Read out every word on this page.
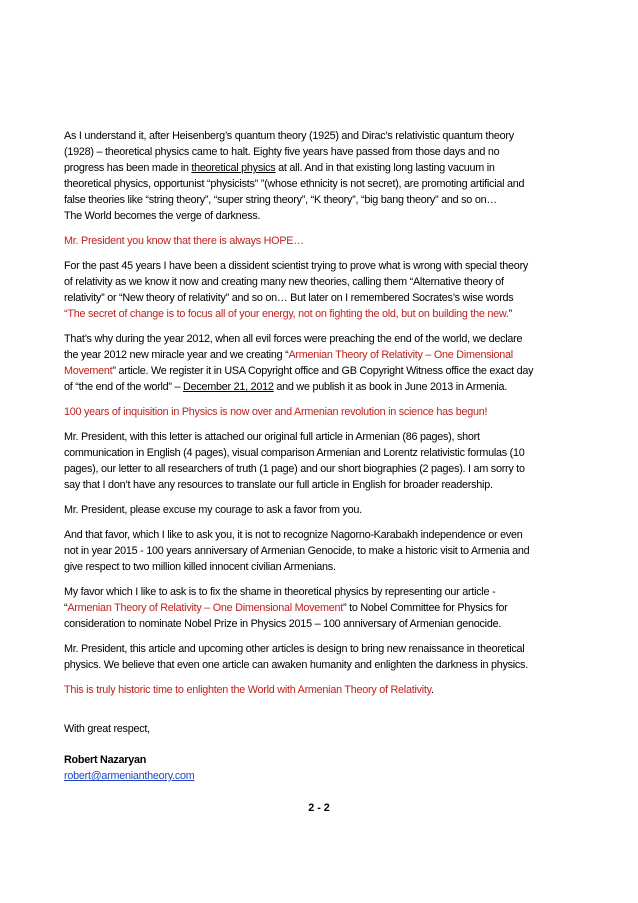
As I understand it, after Heisenberg’s quantum theory (1925) and Dirac’s relativistic quantum theory
(1928) – theoretical physics came to halt. Eighty five years have passed from those days and no
progress has been made in theoretical physics at all. And in that existing long lasting vacuum in
theoretical physics, opportunist “physicists” ”(whose ethnicity is not secret), are promoting artificial and
false theories like “string theory”, “super string theory”, “K theory”, “big bang theory” and so on…
The World becomes the verge of darkness.

Mr. President you know that there is always HOPE…

For the past 45 years I have been a dissident scientist trying to prove what is wrong with special theory
of relativity as we know it now and creating many new theories, calling them “Alternative theory of
relativity” or “New theory of relativity” and so on… But later on I remembered Socrates’s wise words
“The secret of change is to focus all of your energy, not on fighting the old, but on building the new.”

That’s why during the year 2012, when all evil forces were preaching the end of the world, we declare
the year 2012 new miracle year and we creating “Armenian Theory of Relativity – One Dimensional
Movement” article. We register it in USA Copyright office and GB Copyright Witness office the exact day
of “the end of the world” – December 21, 2012 and we publish it as book in June 2013 in Armenia.

100 years of inquisition in Physics is now over and Armenian revolution in science has begun!

Mr. President, with this letter is attached our original full article in Armenian (86 pages), short
communication in English (4 pages), visual comparison Armenian and Lorentz relativistic formulas (10
pages), our letter to all researchers of truth (1 page) and our short biographies (2 pages). I am sorry to
say that I don’t have any resources to translate our full article in English for broader readership.

Mr. President, please excuse my courage to ask a favor from you.

And that favor, which I like to ask you, it is not to recognize Nagorno-Karabakh independence or even
not in year 2015 - 100 years anniversary of Armenian Genocide, to make a historic visit to Armenia and
give respect to two million killed innocent civilian Armenians.

My favor which I like to ask is to fix the shame in theoretical physics by representing our article -
“Armenian Theory of Relativity – One Dimensional Movement” to Nobel Committee for Physics for
consideration to nominate Nobel Prize in Physics 2015 – 100 anniversary of Armenian genocide.

Mr. President, this article and upcoming other articles is design to bring new renaissance in theoretical
physics. We believe that even one article can awaken humanity and enlighten the darkness in physics.

This is truly historic time to enlighten the World with Armenian Theory of Relativity.

With great respect,

Robert Nazaryan
robert@armeniantheory.com

2 - 2
